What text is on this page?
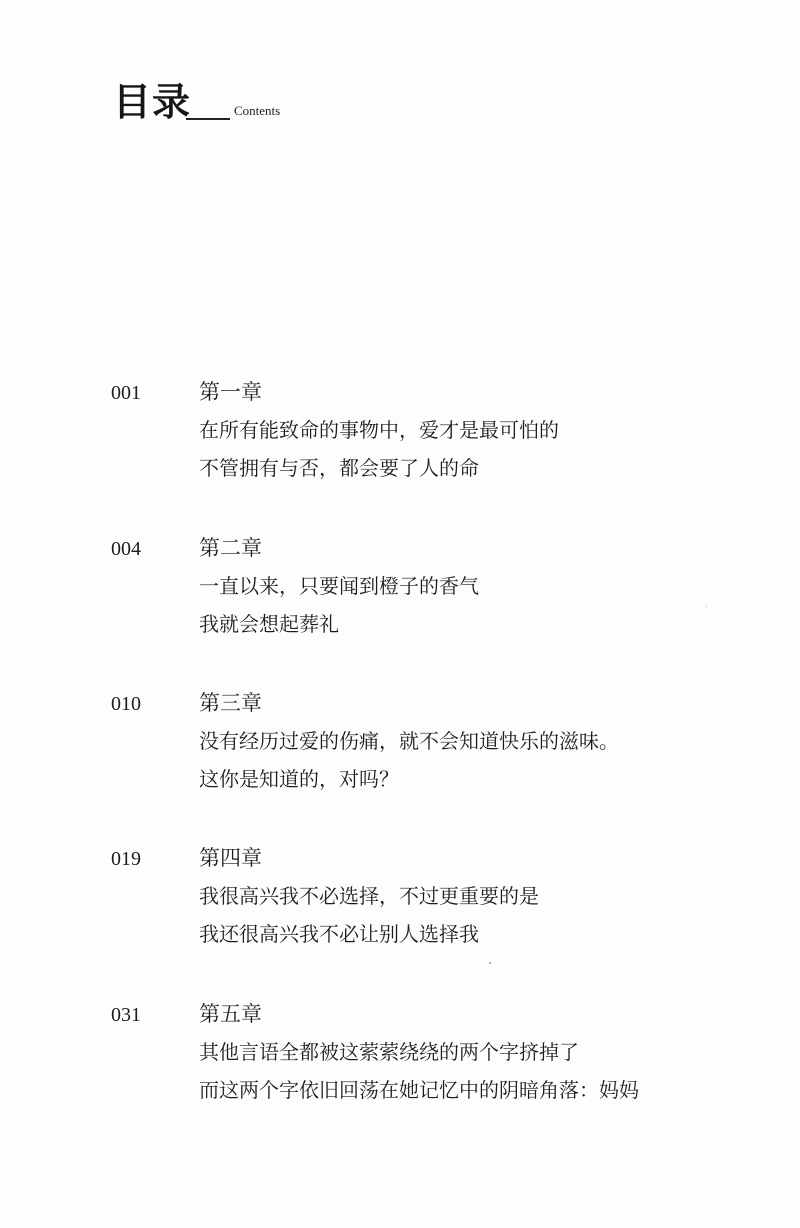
目录	Contents
001	第一章
在所有能致命的事物中，爱才是最可怕的
不管拥有与否，都会要了人的命
004	第二章
一直以来，只要闻到橙子的香气
我就会想起葬礼
010	第三章
没有经历过爱的伤痛，就不会知道快乐的滋味。
这你是知道的，对吗？
019	第四章
我很高兴我不必选择，不过更重要的是
我还很高兴我不必让别人选择我
031	第五章
其他言语全都被这萦萦绕绕的两个字挤掉了
而这两个字依旧回荡在她记忆中的阴暗角落：妈妈
